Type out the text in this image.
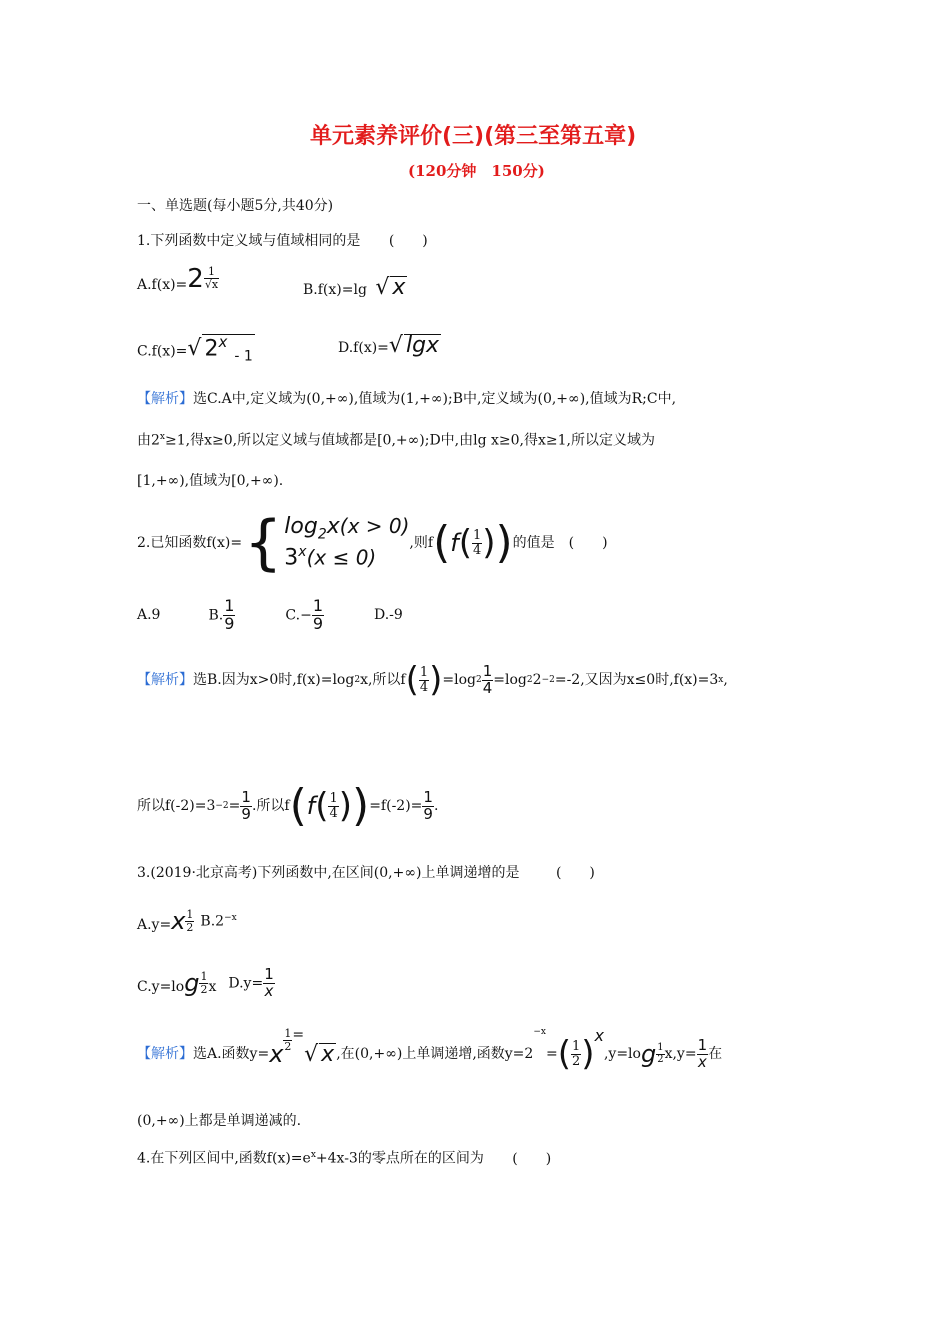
单元素养评价(三)(第三至第五章)
(120分钟　150分)
一、单选题(每小题5分,共40分)
1.下列函数中定义域与值域相同的是 (　　)
$A.f(x)=2 \frac{1}{√x}$	B.f(x)=lg √ x
C.f(x)=√ 2$^x$ $_{- 1}$
D.f(x)=√ lgx
【解析】选C.A中,定义域为(0,+∞),值域为(1,+∞);B中,定义域为(0,+∞),值域为R;C中,
由$2^x\ge 1$,得x≥0,所以定义域与值域都是[0,+∞);D中,由lg x≥0,得x≥1,所以定义域为
[1,+∞),值域为[0,+∞).
2.已知函数f(x)= { $\log_2x(x > 0)$
$3^x(x \le 0)$
,则f ( f ( $\frac{1}{4}$ ) ) 的值是 (　　)
A.9	B. $\frac{1}{9}$	$C.- \frac{1}{9}$	D.-9
【解析】 选B.因为x>0时,f(x)=log 2 x,所以f ( $\frac{1}{4}$ ) =log $2 \frac{1}{4} =\log$ 2 2 −2 =-2,又因为x≤0时,f(x)=3 x ,
所以$f(-2)=3 -2 = \frac{1}{9}$ .所以f ( f ( $\frac{1}{4}$ ) ) $=f(-2)= \frac{1}{9}$ .
3.(2019·北京高考)下列函数中,在区间(0,+∞)上单调递增的是	(　　)
$A.y=x \frac{1}{2} B.2^{-x}$
$C.y=\log \frac{1}{2}$ x $D.y= \frac{1}{x}$
【解析】 选A.函数y= x $\frac{1}{2}$ =
√ x ,在(0,+∞)上单调递增,函数y=2
−x
= ( $\frac{1}{2}$ ) x
,y=lo g $\frac{1}{2} x,y= \frac{1}{x}$ 在
(0,+∞)上都是单调递减的.
4.在下列区间中,函数$f(x)=e^x+4x-3$的零点所在的区间为 (　　)
